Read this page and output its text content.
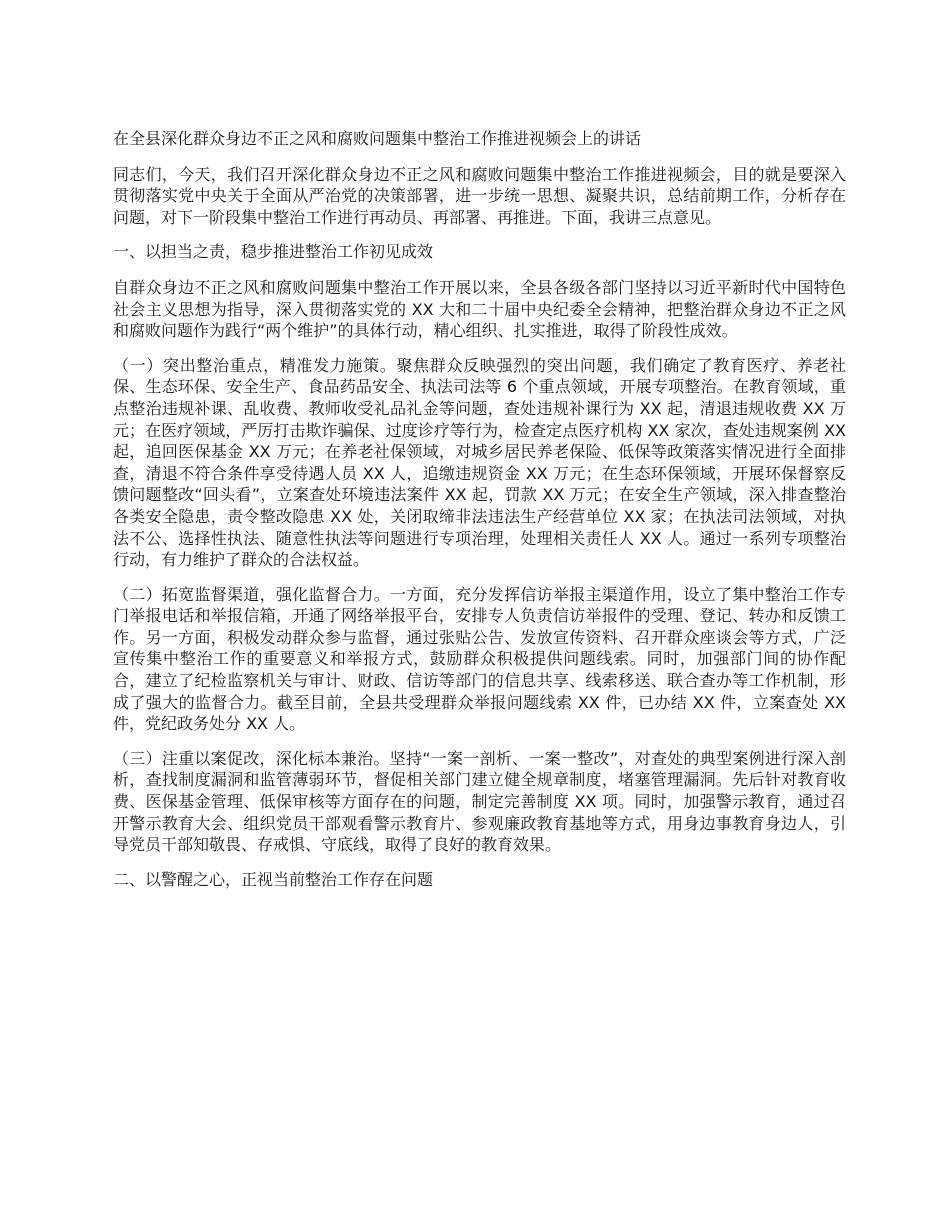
在全县深化群众身边不正之风和腐败问题集中整治工作推进视频会上的讲话

同志们，今天，我们召开深化群众身边不正之风和腐败问题集中整治工作推进视频会，目的就是要深入贯彻落实党中央关于全面从严治党的决策部署，进一步统一思想、凝聚共识，总结前期工作，分析存在问题，对下一阶段集中整治工作进行再动员、再部署、再推进。下面，我讲三点意见。

一、以担当之责，稳步推进整治工作初见成效

自群众身边不正之风和腐败问题集中整治工作开展以来，全县各级各部门坚持以习近平新时代中国特色社会主义思想为指导，深入贯彻落实党的 XX 大和二十届中央纪委全会精神，把整治群众身边不正之风和腐败问题作为践行“两个维护”的具体行动，精心组织、扎实推进，取得了阶段性成效。

（一）突出整治重点，精准发力施策。聚焦群众反映强烈的突出问题，我们确定了教育医疗、养老社保、生态环保、安全生产、食品药品安全、执法司法等 6 个重点领域，开展专项整治。在教育领域，重点整治违规补课、乱收费、教师收受礼品礼金等问题，查处违规补课行为 XX 起，清退违规收费 XX 万元；在医疗领域，严厉打击欺诈骗保、过度诊疗等行为，检查定点医疗机构 XX 家次，查处违规案例 XX 起，追回医保基金 XX 万元；在养老社保领域，对城乡居民养老保险、低保等政策落实情况进行全面排查，清退不符合条件享受待遇人员 XX 人，追缴违规资金 XX 万元；在生态环保领域，开展环保督察反馈问题整改“回头看”，立案查处环境违法案件 XX 起，罚款 XX 万元；在安全生产领域，深入排查整治各类安全隐患，责令整改隐患 XX 处，关闭取缔非法违法生产经营单位 XX 家；在执法司法领域，对执法不公、选择性执法、随意性执法等问题进行专项治理，处理相关责任人 XX 人。通过一系列专项整治行动，有力维护了群众的合法权益。

（二）拓宽监督渠道，强化监督合力。一方面，充分发挥信访举报主渠道作用，设立了集中整治工作专门举报电话和举报信箱，开通了网络举报平台，安排专人负责信访举报件的受理、登记、转办和反馈工作。另一方面，积极发动群众参与监督，通过张贴公告、发放宣传资料、召开群众座谈会等方式，广泛宣传集中整治工作的重要意义和举报方式，鼓励群众积极提供问题线索。同时，加强部门间的协作配合，建立了纪检监察机关与审计、财政、信访等部门的信息共享、线索移送、联合查办等工作机制，形成了强大的监督合力。截至目前，全县共受理群众举报问题线索 XX 件，已办结 XX 件，立案查处 XX 件，党纪政务处分 XX 人。

（三）注重以案促改，深化标本兼治。坚持“一案一剖析、一案一整改”，对查处的典型案例进行深入剖析，查找制度漏洞和监管薄弱环节，督促相关部门建立健全规章制度，堵塞管理漏洞。先后针对教育收费、医保基金管理、低保审核等方面存在的问题，制定完善制度 XX 项。同时，加强警示教育，通过召开警示教育大会、组织党员干部观看警示教育片、参观廉政教育基地等方式，用身边事教育身边人，引导党员干部知敬畏、存戒惧、守底线，取得了良好的教育效果。

二、以警醒之心，正视当前整治工作存在问题
